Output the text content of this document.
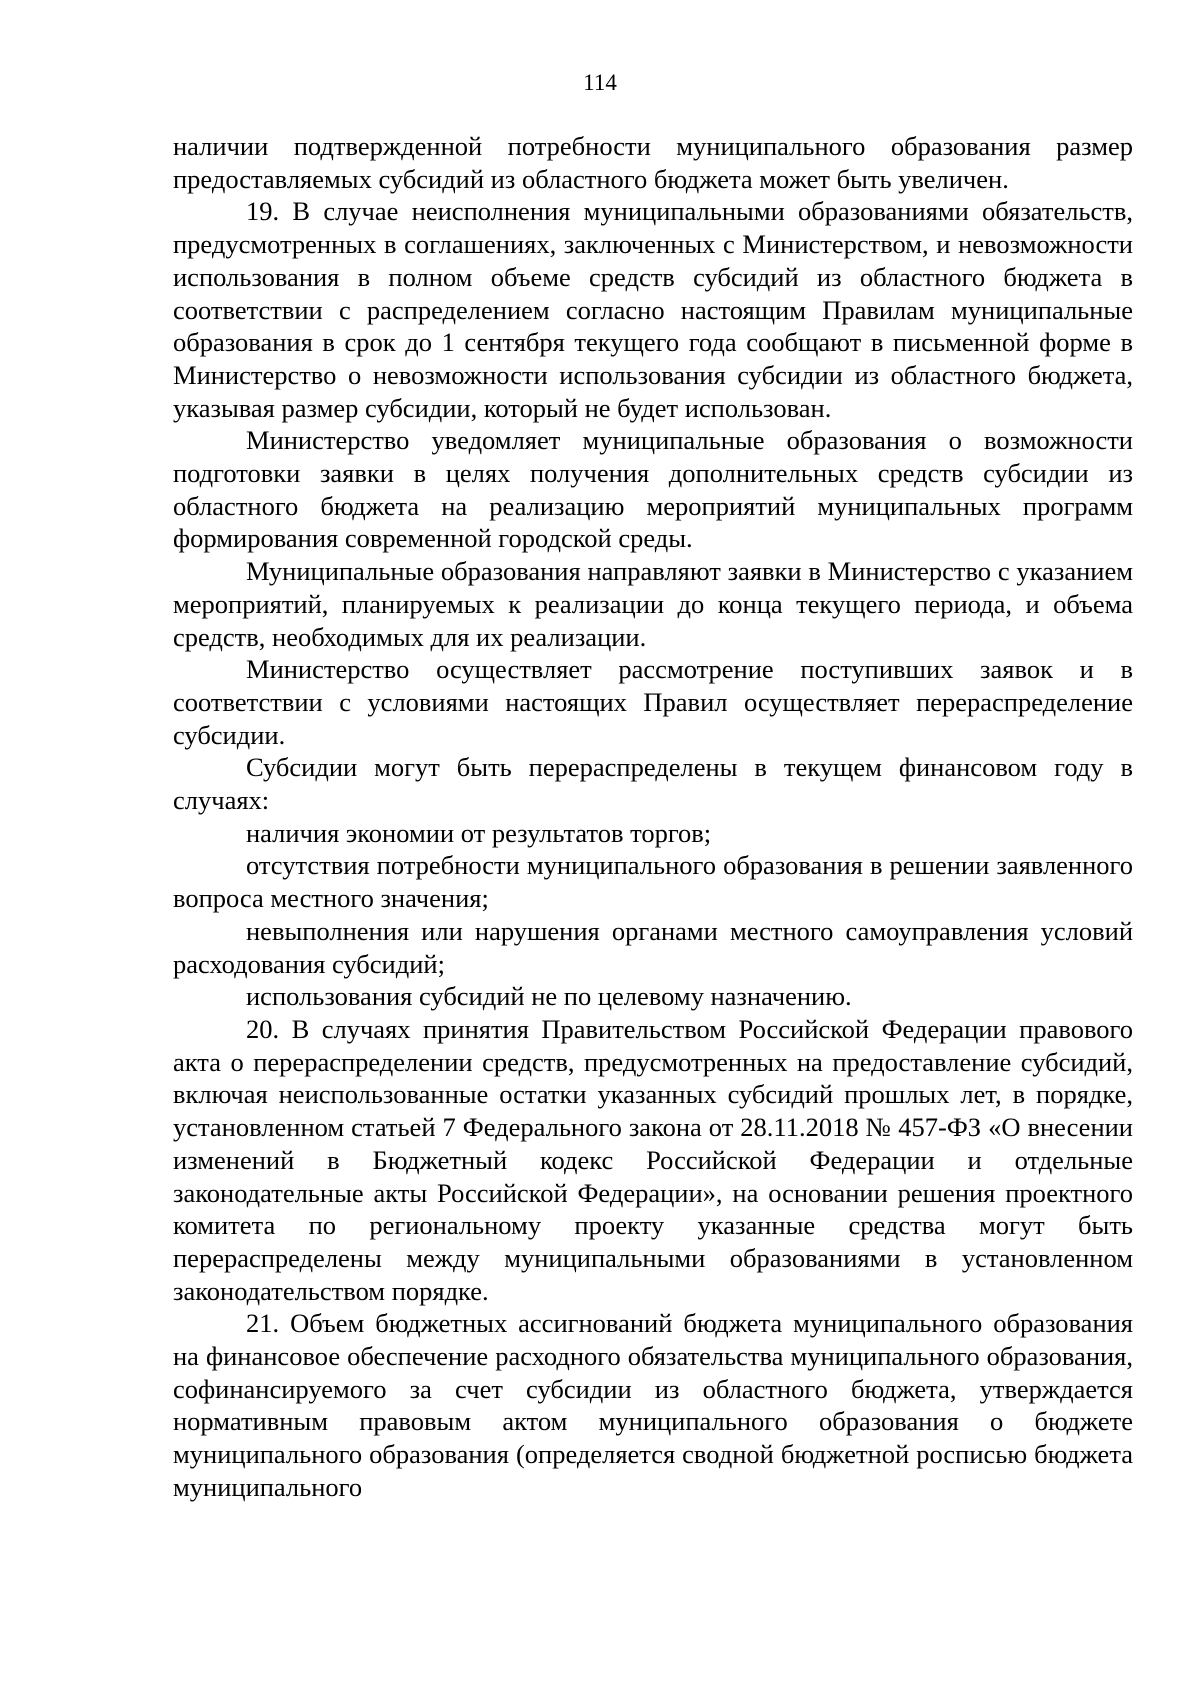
114

наличии подтвержденной потребности муниципального образования размер предоставляемых субсидий из областного бюджета может быть увеличен.

19. В случае неисполнения муниципальными образованиями обязательств, предусмотренных в соглашениях, заключенных с Министерством, и невозможности использования в полном объеме средств субсидий из областного бюджета в соответствии с распределением согласно настоящим Правилам муниципальные образования в срок до 1 сентября текущего года сообщают в письменной форме в Министерство о невозможности использования субсидии из областного бюджета, указывая размер субсидии, который не будет использован.

Министерство уведомляет муниципальные образования о возможности подготовки заявки в целях получения дополнительных средств субсидии из областного бюджета на реализацию мероприятий муниципальных программ формирования современной городской среды.

Муниципальные образования направляют заявки в Министерство с указанием мероприятий, планируемых к реализации до конца текущего периода, и объема средств, необходимых для их реализации.

Министерство осуществляет рассмотрение поступивших заявок и в соответствии с условиями настоящих Правил осуществляет перераспределение субсидии.

Субсидии могут быть перераспределены в текущем финансовом году в случаях:

наличия экономии от результатов торгов;

отсутствия потребности муниципального образования в решении заявленного вопроса местного значения;

невыполнения или нарушения органами местного самоуправления условий расходования субсидий;

использования субсидий не по целевому назначению.

20. В случаях принятия Правительством Российской Федерации правового акта о перераспределении средств, предусмотренных на предоставление субсидий, включая неиспользованные остатки указанных субсидий прошлых лет, в порядке, установленном статьей 7 Федерального закона от 28.11.2018 № 457-ФЗ «О внесении изменений в Бюджетный кодекс Российской Федерации и отдельные законодательные акты Российской Федерации», на основании решения проектного комитета по региональному проекту указанные средства могут быть перераспределены между муниципальными образованиями в установленном законодательством порядке.

21. Объем бюджетных ассигнований бюджета муниципального образования на финансовое обеспечение расходного обязательства муниципального образования, софинансируемого за счет субсидии из областного бюджета, утверждается нормативным правовым актом муниципального образования о бюджете муниципального образования (определяется сводной бюджетной росписью бюджета муниципального
